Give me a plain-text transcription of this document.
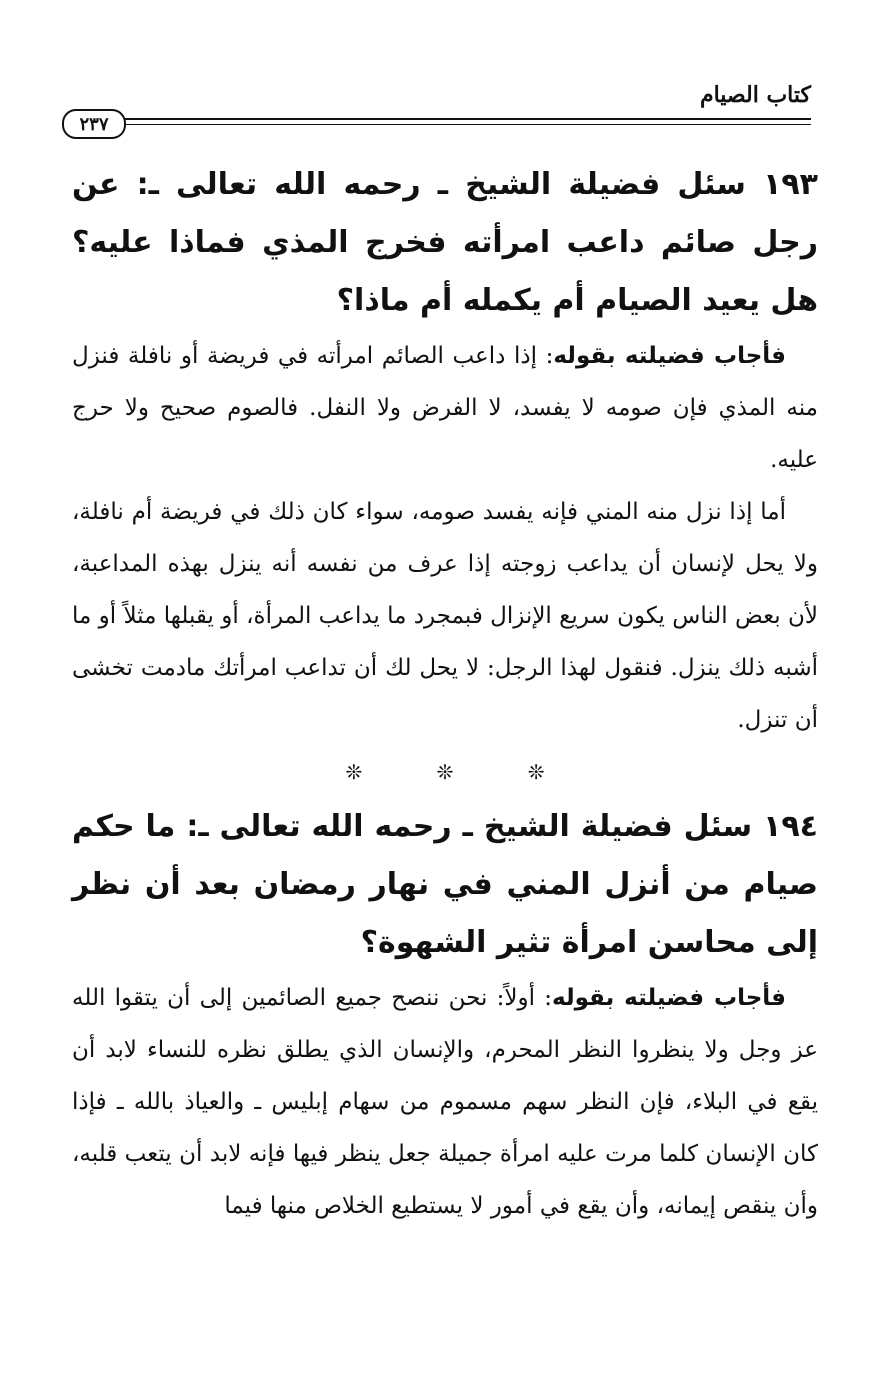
كتاب الصيام
٢٣٧

١٩٣ سئل فضيلة الشيخ ـ رحمه الله تعالى ـ: عن رجل صائم داعب امرأته فخرج المذي فماذا عليه؟ هل يعيد الصيام أم يكمله أم ماذا؟

فأجاب فضيلته بقوله: إذا داعب الصائم امرأته في فريضة أو نافلة فنزل منه المذي فإن صومه لا يفسد، لا الفرض ولا النفل. فالصوم صحيح ولا حرج عليه.

أما إذا نزل منه المني فإنه يفسد صومه، سواء كان ذلك في فريضة أم نافلة، ولا يحل لإنسان أن يداعب زوجته إذا عرف من نفسه أنه ينزل بهذه المداعبة، لأن بعض الناس يكون سريع الإنزال فبمجرد ما يداعب المرأة، أو يقبلها مثلاً أو ما أشبه ذلك ينزل. فنقول لهذا الرجل: لا يحل لك أن تداعب امرأتك مادمت تخشى أن تنزل.

❊ ❊ ❊

١٩٤ سئل فضيلة الشيخ ـ رحمه الله تعالى ـ: ما حكم صيام من أنزل المني في نهار رمضان بعد أن نظر إلى محاسن امرأة تثير الشهوة؟

فأجاب فضيلته بقوله: أولاً: نحن ننصح جميع الصائمين إلى أن يتقوا الله عز وجل ولا ينظروا النظر المحرم، والإنسان الذي يطلق نظره للنساء لابد أن يقع في البلاء، فإن النظر سهم مسموم من سهام إبليس ـ والعياذ بالله ـ فإذا كان الإنسان كلما مرت عليه امرأة جميلة جعل ينظر فيها فإنه لابد أن يتعب قلبه، وأن ينقص إيمانه، وأن يقع في أمور لا يستطيع الخلاص منها فيما
